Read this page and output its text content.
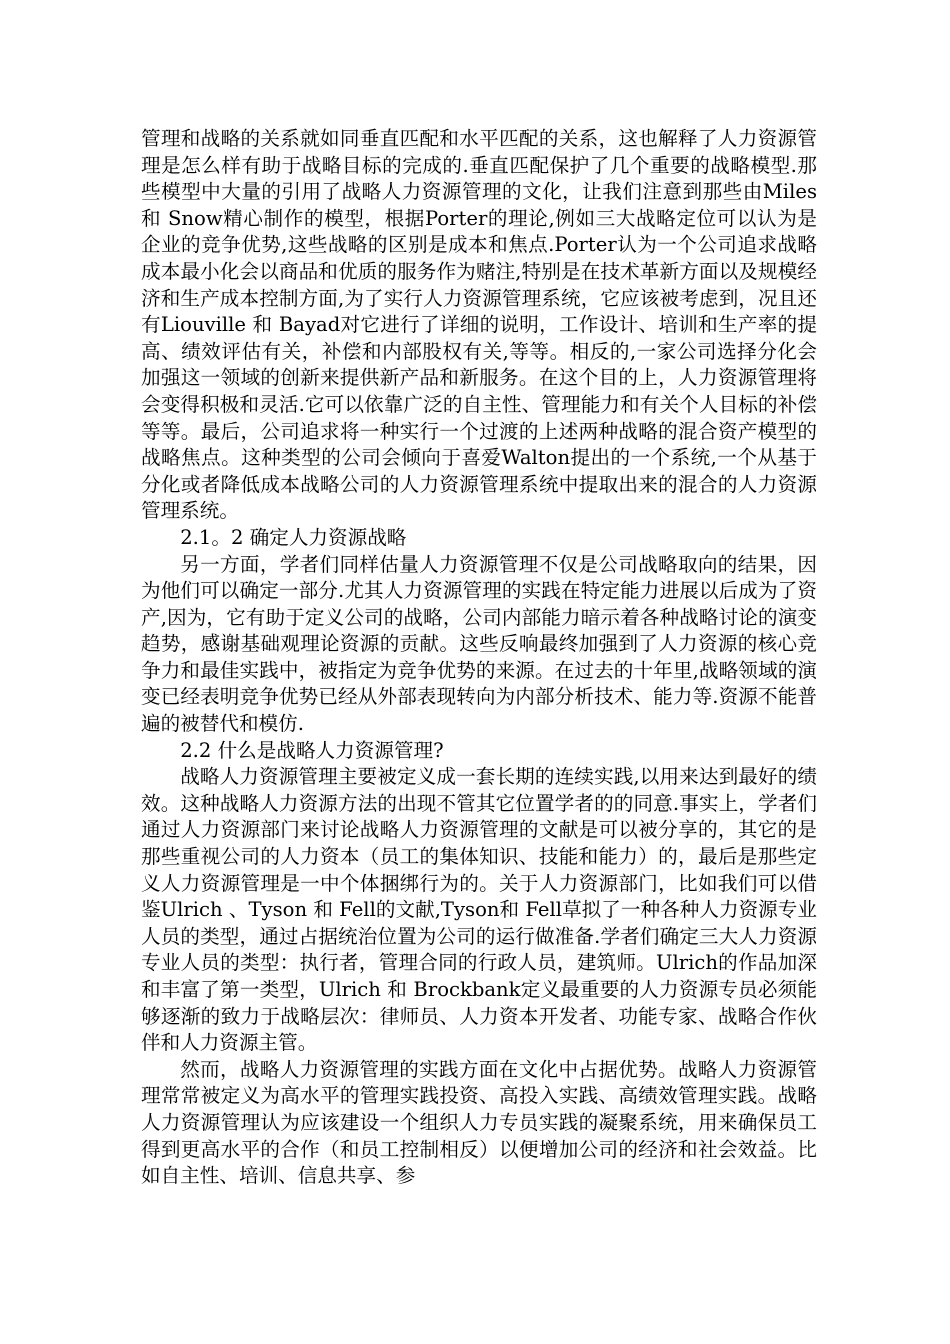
管理和战略的关系就如同垂直匹配和水平匹配的关系，这也解释了人力资源管理是怎么样有助于战略目标的完成的.垂直匹配保护了几个重要的战略模型.那些模型中大量的引用了战略人力资源管理的文化，让我们注意到那些由Miles 和 Snow精心制作的模型，根据Porter的理论,例如三大战略定位可以认为是企业的竞争优势,这些战略的区别是成本和焦点.Porter认为一个公司追求战略成本最小化会以商品和优质的服务作为赌注,特别是在技术革新方面以及规模经济和生产成本控制方面,为了实行人力资源管理系统，它应该被考虑到，况且还有Liouville 和 Bayad对它进行了详细的说明，工作设计、培训和生产率的提高、绩效评估有关，补偿和内部股权有关,等等。相反的,一家公司选择分化会加强这一领域的创新来提供新产品和新服务。在这个目的上，人力资源管理将会变得积极和灵活.它可以依靠广泛的自主性、管理能力和有关个人目标的补偿等等。最后，公司追求将一种实行一个过渡的上述两种战略的混合资产模型的战略焦点。这种类型的公司会倾向于喜爱Walton提出的一个系统,一个从基于分化或者降低成本战略公司的人力资源管理系统中提取出来的混合的人力资源管理系统。

2.1。2 确定人力资源战略

另一方面，学者们同样估量人力资源管理不仅是公司战略取向的结果，因为他们可以确定一部分.尤其人力资源管理的实践在特定能力进展以后成为了资产,因为，它有助于定义公司的战略，公司内部能力暗示着各种战略讨论的演变趋势，感谢基础观理论资源的贡献。这些反响最终加强到了人力资源的核心竞争力和最佳实践中，被指定为竞争优势的来源。在过去的十年里,战略领域的演变已经表明竞争优势已经从外部表现转向为内部分析技术、能力等.资源不能普遍的被替代和模仿.

2.2 什么是战略人力资源管理?

战略人力资源管理主要被定义成一套长期的连续实践,以用来达到最好的绩效。这种战略人力资源方法的出现不管其它位置学者的的同意.事实上，学者们通过人力资源部门来讨论战略人力资源管理的文献是可以被分享的，其它的是那些重视公司的人力资本（员工的集体知识、技能和能力）的，最后是那些定义人力资源管理是一中个体捆绑行为的。关于人力资源部门，比如我们可以借鉴Ulrich 、Tyson 和 Fell的文献,Tyson和 Fell草拟了一种各种人力资源专业人员的类型，通过占据统治位置为公司的运行做准备.学者们确定三大人力资源专业人员的类型：执行者，管理合同的行政人员，建筑师。Ulrich的作品加深和丰富了第一类型，Ulrich 和 Brockbank定义最重要的人力资源专员必须能够逐渐的致力于战略层次：律师员、人力资本开发者、功能专家、战略合作伙伴和人力资源主管。

然而，战略人力资源管理的实践方面在文化中占据优势。战略人力资源管理常常被定义为高水平的管理实践投资、高投入实践、高绩效管理实践。战略人力资源管理认为应该建设一个组织人力专员实践的凝聚系统，用来确保员工得到更高水平的合作（和员工控制相反）以便增加公司的经济和社会效益。比如自主性、培训、信息共享、参
